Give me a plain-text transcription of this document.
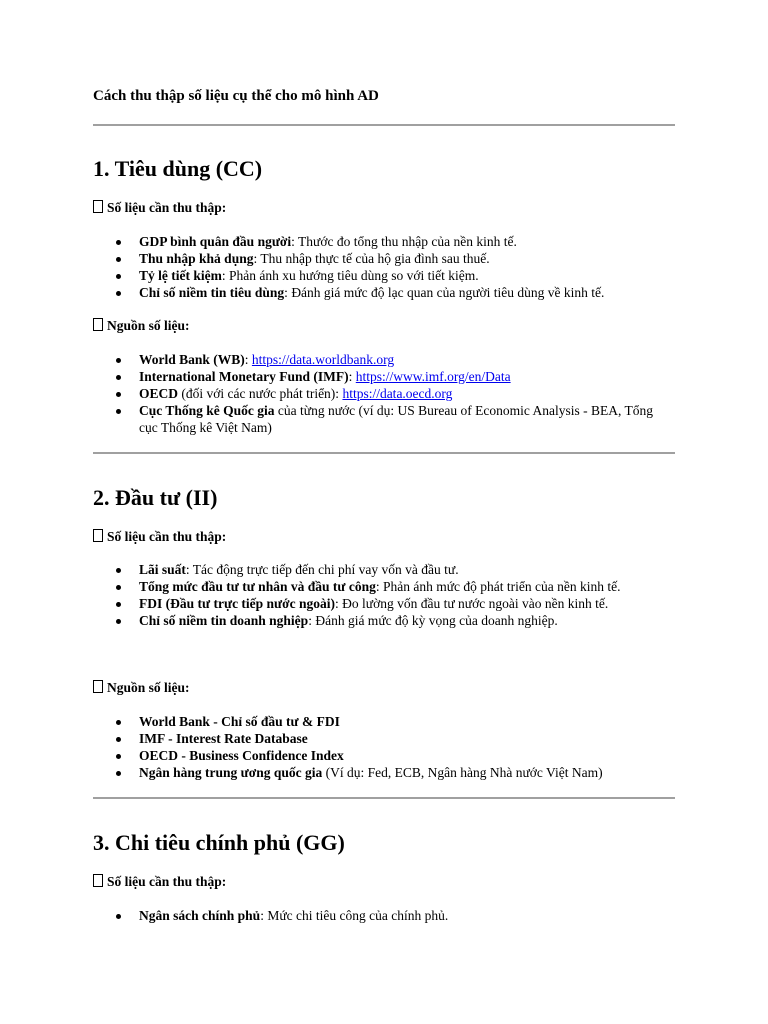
Cách thu thập số liệu cụ thể cho mô hình AD
1. Tiêu dùng (CC)
Số liệu cần thu thập:
GDP bình quân đầu người: Thước đo tổng thu nhập của nền kinh tế.
Thu nhập khả dụng: Thu nhập thực tế của hộ gia đình sau thuế.
Tỷ lệ tiết kiệm: Phản ánh xu hướng tiêu dùng so với tiết kiệm.
Chỉ số niềm tin tiêu dùng: Đánh giá mức độ lạc quan của người tiêu dùng về kinh tế.
Nguồn số liệu:
World Bank (WB): https://data.worldbank.org
International Monetary Fund (IMF): https://www.imf.org/en/Data
OECD (đối với các nước phát triển): https://data.oecd.org
Cục Thống kê Quốc gia của từng nước (ví dụ: US Bureau of Economic Analysis - BEA, Tổng cục Thống kê Việt Nam)
2. Đầu tư (II)
Số liệu cần thu thập:
Lãi suất: Tác động trực tiếp đến chi phí vay vốn và đầu tư.
Tổng mức đầu tư tư nhân và đầu tư công: Phản ánh mức độ phát triển của nền kinh tế.
FDI (Đầu tư trực tiếp nước ngoài): Đo lường vốn đầu tư nước ngoài vào nền kinh tế.
Chỉ số niềm tin doanh nghiệp: Đánh giá mức độ kỳ vọng của doanh nghiệp.
Nguồn số liệu:
World Bank - Chỉ số đầu tư & FDI
IMF - Interest Rate Database
OECD - Business Confidence Index
Ngân hàng trung ương quốc gia (Ví dụ: Fed, ECB, Ngân hàng Nhà nước Việt Nam)
3. Chi tiêu chính phủ (GG)
Số liệu cần thu thập:
Ngân sách chính phủ: Mức chi tiêu công của chính phủ.
